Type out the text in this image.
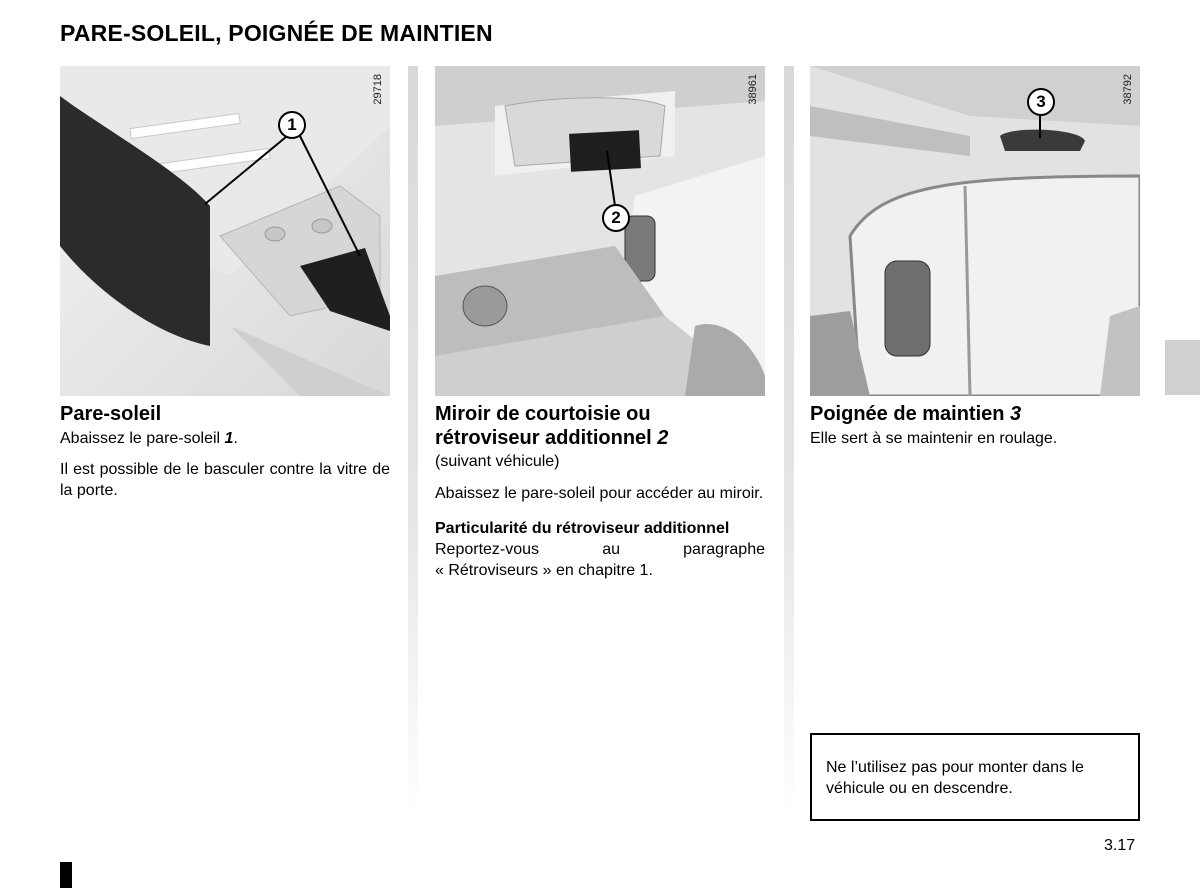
PARE-SOLEIL, POIGNÉE DE MAINTIEN
29718
1
Pare-soleil

Abaissez le pare-soleil 1.

Il est possible de le basculer contre la vitre de la porte.

38961
2
Miroir de courtoisie ou
rétroviseur additionnel 2
(suivant véhicule)

Abaissez le pare-soleil pour accéder au miroir.

Particularité du rétroviseur additionnel

Reportez-vous au paragraphe

« Rétroviseurs » en chapitre 1.

38792
3
Poignée de maintien 3

Elle sert à se maintenir en roulage.

Ne l’utilisez pas pour monter dans le véhicule ou en descendre.
3.17
